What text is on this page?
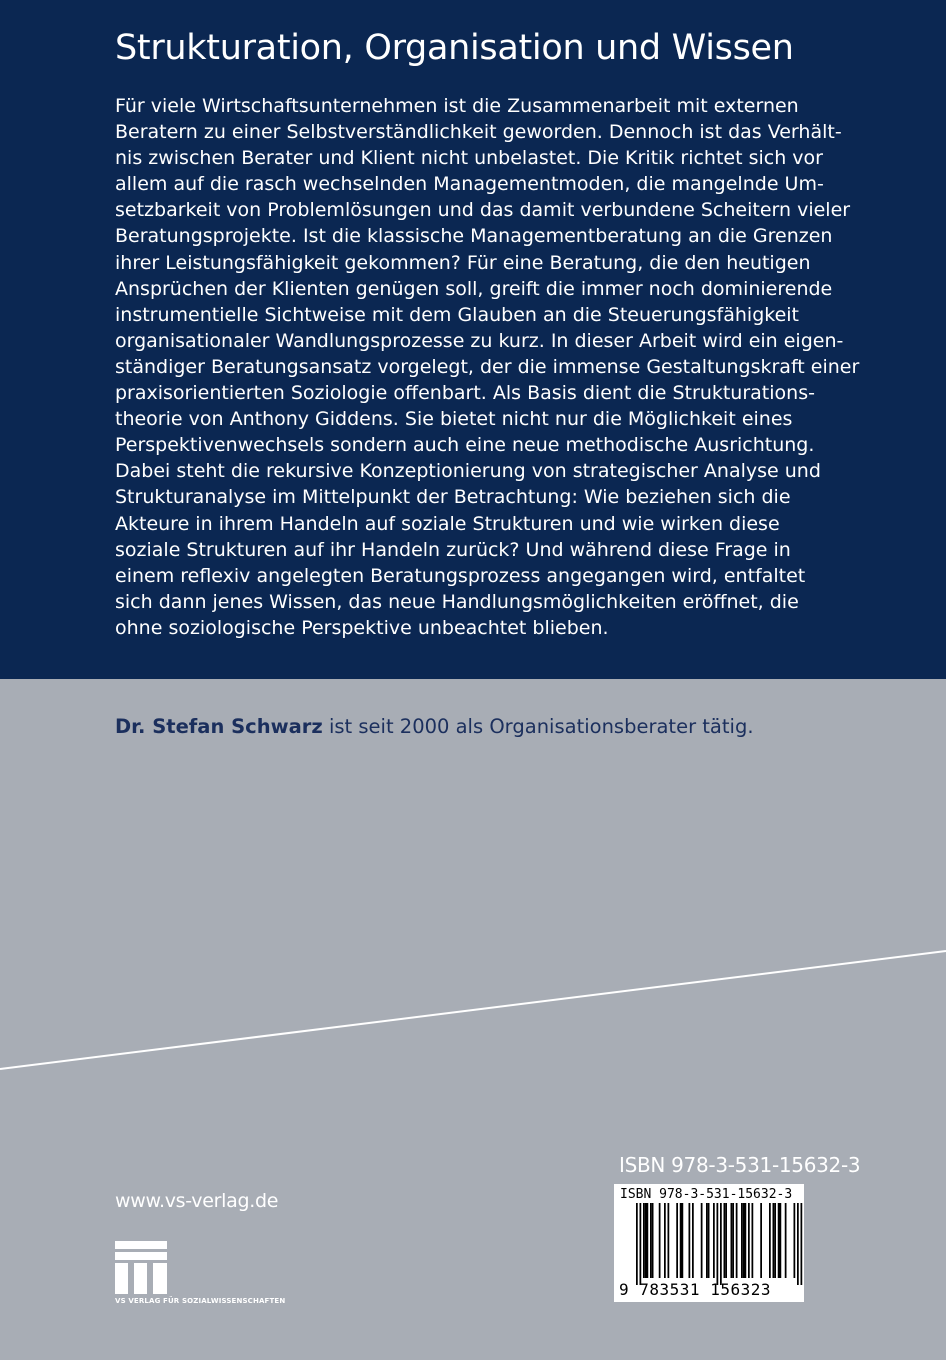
Strukturation, Organisation und Wissen

Für viele Wirtschaftsunternehmen ist die Zusammenarbeit mit externen
Beratern zu einer Selbstverständlichkeit geworden. Dennoch ist das Verhält-
nis zwischen Berater und Klient nicht unbelastet. Die Kritik richtet sich vor
allem auf die rasch wechselnden Managementmoden, die mangelnde Um-
setzbarkeit von Problemlösungen und das damit verbundene Scheitern vieler
Beratungsprojekte. Ist die klassische Managementberatung an die Grenzen
ihrer Leistungsfähigkeit gekommen? Für eine Beratung, die den heutigen
Ansprüchen der Klienten genügen soll, greift die immer noch dominierende
instrumentielle Sichtweise mit dem Glauben an die Steuerungsfähigkeit
organisationaler Wandlungsprozesse zu kurz. In dieser Arbeit wird ein eigen-
ständiger Beratungsansatz vorgelegt, der die immense Gestaltungskraft einer
praxisorientierten Soziologie offenbart. Als Basis dient die Strukturations-
theorie von Anthony Giddens. Sie bietet nicht nur die Möglichkeit eines
Perspektivenwechsels sondern auch eine neue methodische Ausrichtung.
Dabei steht die rekursive Konzeptionierung von strategischer Analyse und
Strukturanalyse im Mittelpunkt der Betrachtung: Wie beziehen sich die
Akteure in ihrem Handeln auf soziale Strukturen und wie wirken diese
soziale Strukturen auf ihr Handeln zurück? Und während diese Frage in
einem reflexiv angelegten Beratungsprozess angegangen wird, entfaltet
sich dann jenes Wissen, das neue Handlungsmöglichkeiten eröffnet, die
ohne soziologische Perspektive unbeachtet blieben.

Dr. Stefan Schwarz ist seit 2000 als Organisationsberater tätig.
www.vs-verlag.de
VS VERLAG FÜR SOZIALWISSENSCHAFTEN
ISBN 978-3-531-15632-3
ISBN 978-3-531-15632-3
9 783531 156323
